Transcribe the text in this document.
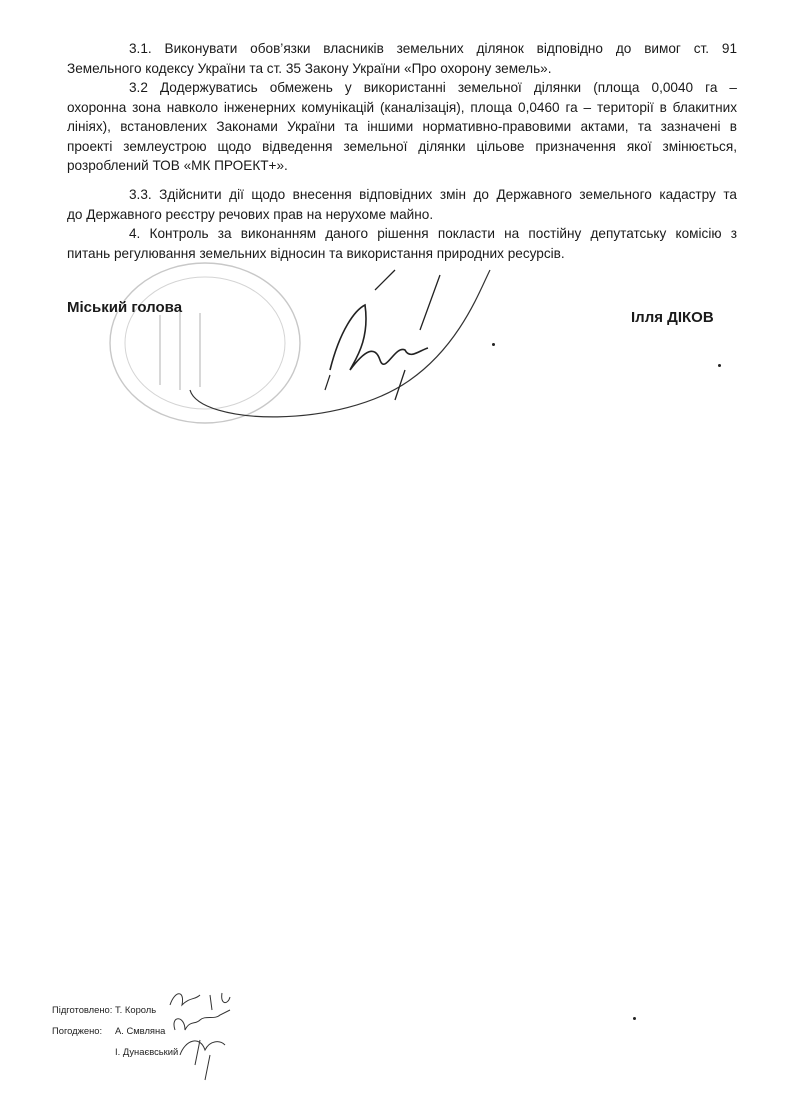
3.1. Виконувати обов’язки власників земельних ділянок відповідно до вимог ст. 91
Земельного кодексу України та ст. 35 Закону України «Про охорону земель».

3.2 Додержуватись обмежень у використанні земельної ділянки (площа 0,0040 га –
охоронна зона навколо інженерних комунікацій (каналізація), площа 0,0460 га – території в блакитних
лініях), встановлених Законами України та іншими нормативно-правовими актами, та зазначені в
проекті землеустрою щодо відведення земельної ділянки цільове призначення якої змінюється,
розроблений ТОВ «МК ПРОЕКТ+».

3.3. Здійснити дії щодо внесення відповідних змін до Державного земельного кадастру та
до Державного реєстру речових прав на нерухоме майно.

4. Контроль за виконанням даного рішення покласти на постійну депутатську комісію з
питань регулювання земельних відносин та використання природних ресурсів.

Міський голова
Ілля ДІКОВ
Підготовлено: Т. Король
Погоджено: А. Смвляна
І. Дунаєвський
